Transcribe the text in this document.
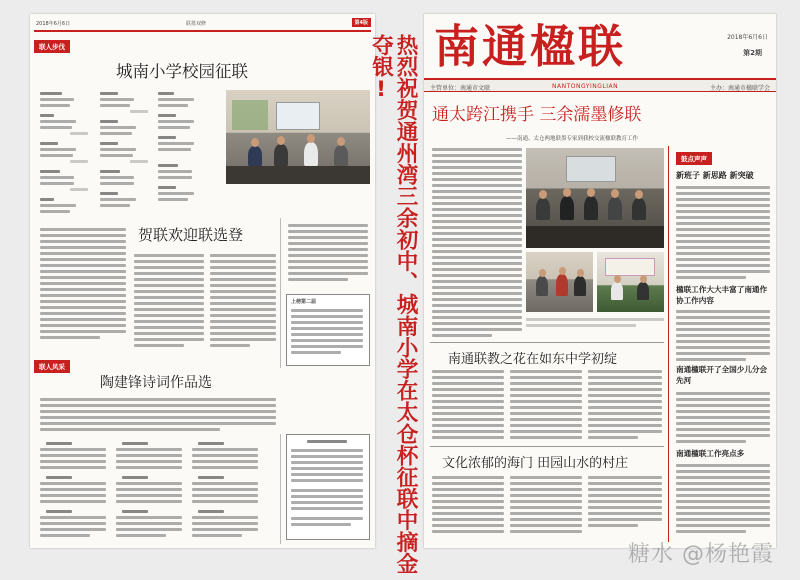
2018年6月6日	联墨双修	第4版
联人步伐
城南小学校园征联
贺联欢迎联选登
上榜第二届
联人风采
陶建锋诗词作品选	热烈祝贺通州湾三余初中、城南小学在太仓杯征联中摘金夺银! 南通楹联	2018年6月6日
第2期
主管单位：南通市文联	NANTONGYINGLIAN	主办：南通市楹联学会
通太跨江携手 三余濡墨修联
——南通、太仓两地联墨专家到我校交流楹联教育工作
鼓点声声
新班子 新思路 新突破
楹联工作大大丰富了南通作协工作内容
南通楹联开了全国少儿分会先河
南通楹联工作亮点多
南通联教之花在如东中学初绽
文化浓郁的海门 田园山水的村庄
糖水 @杨艳霞
